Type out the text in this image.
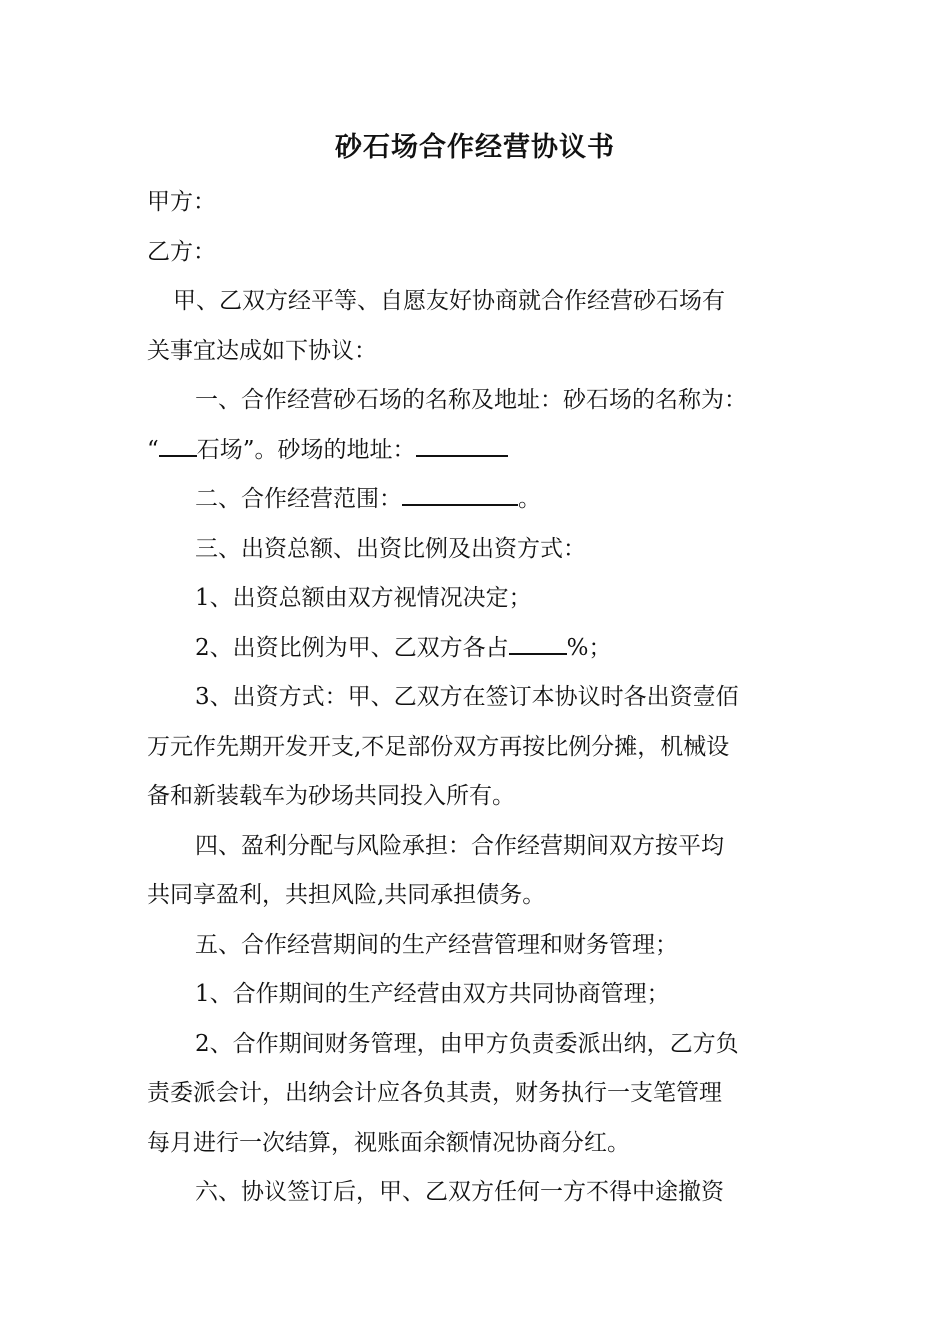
砂石场合作经营协议书
甲方：
乙方：
甲、乙双方经平等、自愿友好协商就合作经营砂石场有
关事宜达成如下协议：
一、合作经营砂石场的名称及地址：砂石场的名称为：
“ 石场”。砂场的地址：
二、合作经营范围：	。
三、出资总额、出资比例及出资方式：
1、出资总额由双方视情况决定；
2、出资比例为甲、乙双方各占	%；
3、出资方式：甲、乙双方在签订本协议时各出资壹佰
万元作先期开发开支,不足部份双方再按比例分摊，机械设
备和新装载车为砂场共同投入所有。
四、盈利分配与风险承担：合作经营期间双方按平均
共同享盈利，共担风险,共同承担债务。
五、合作经营期间的生产经营管理和财务管理；
1、合作期间的生产经营由双方共同协商管理；
2、合作期间财务管理，由甲方负责委派出纳，乙方负
责委派会计，出纳会计应各负其责，财务执行一支笔管理
每月进行一次结算，视账面余额情况协商分红。
六、协议签订后，甲、乙双方任何一方不得中途撤资
